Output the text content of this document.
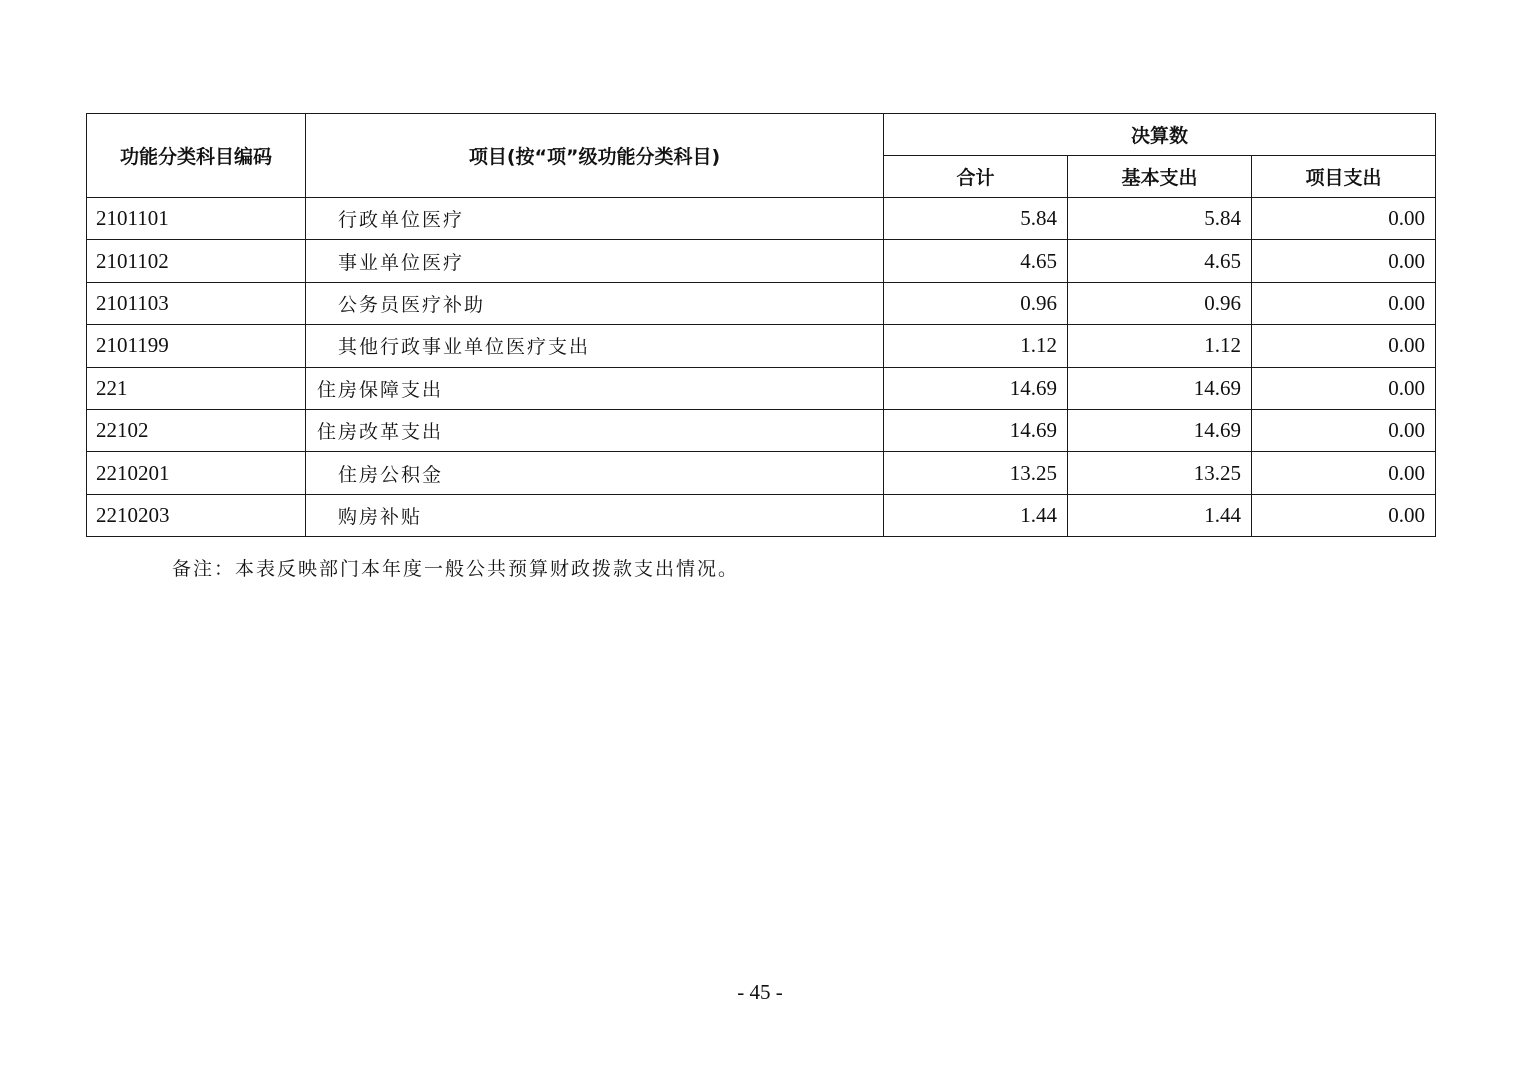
功能分类科目编码	项目(按“项”级功能分类科目)	决算数		
		合计	基本支出	项目支出
2101101	行政单位医疗	5.84	5.84	0.00
2101102	事业单位医疗	4.65	4.65	0.00
2101103	公务员医疗补助	0.96	0.96	0.00
2101199	其他行政事业单位医疗支出	1.12	1.12	0.00
221	住房保障支出	14.69	14.69	0.00
22102	住房改革支出	14.69	14.69	0.00
2210201	住房公积金	13.25	13.25	0.00
2210203	购房补贴	1.44	1.44	0.00
备注：本表反映部门本年度一般公共预算财政拨款支出情况。
- 45 -
